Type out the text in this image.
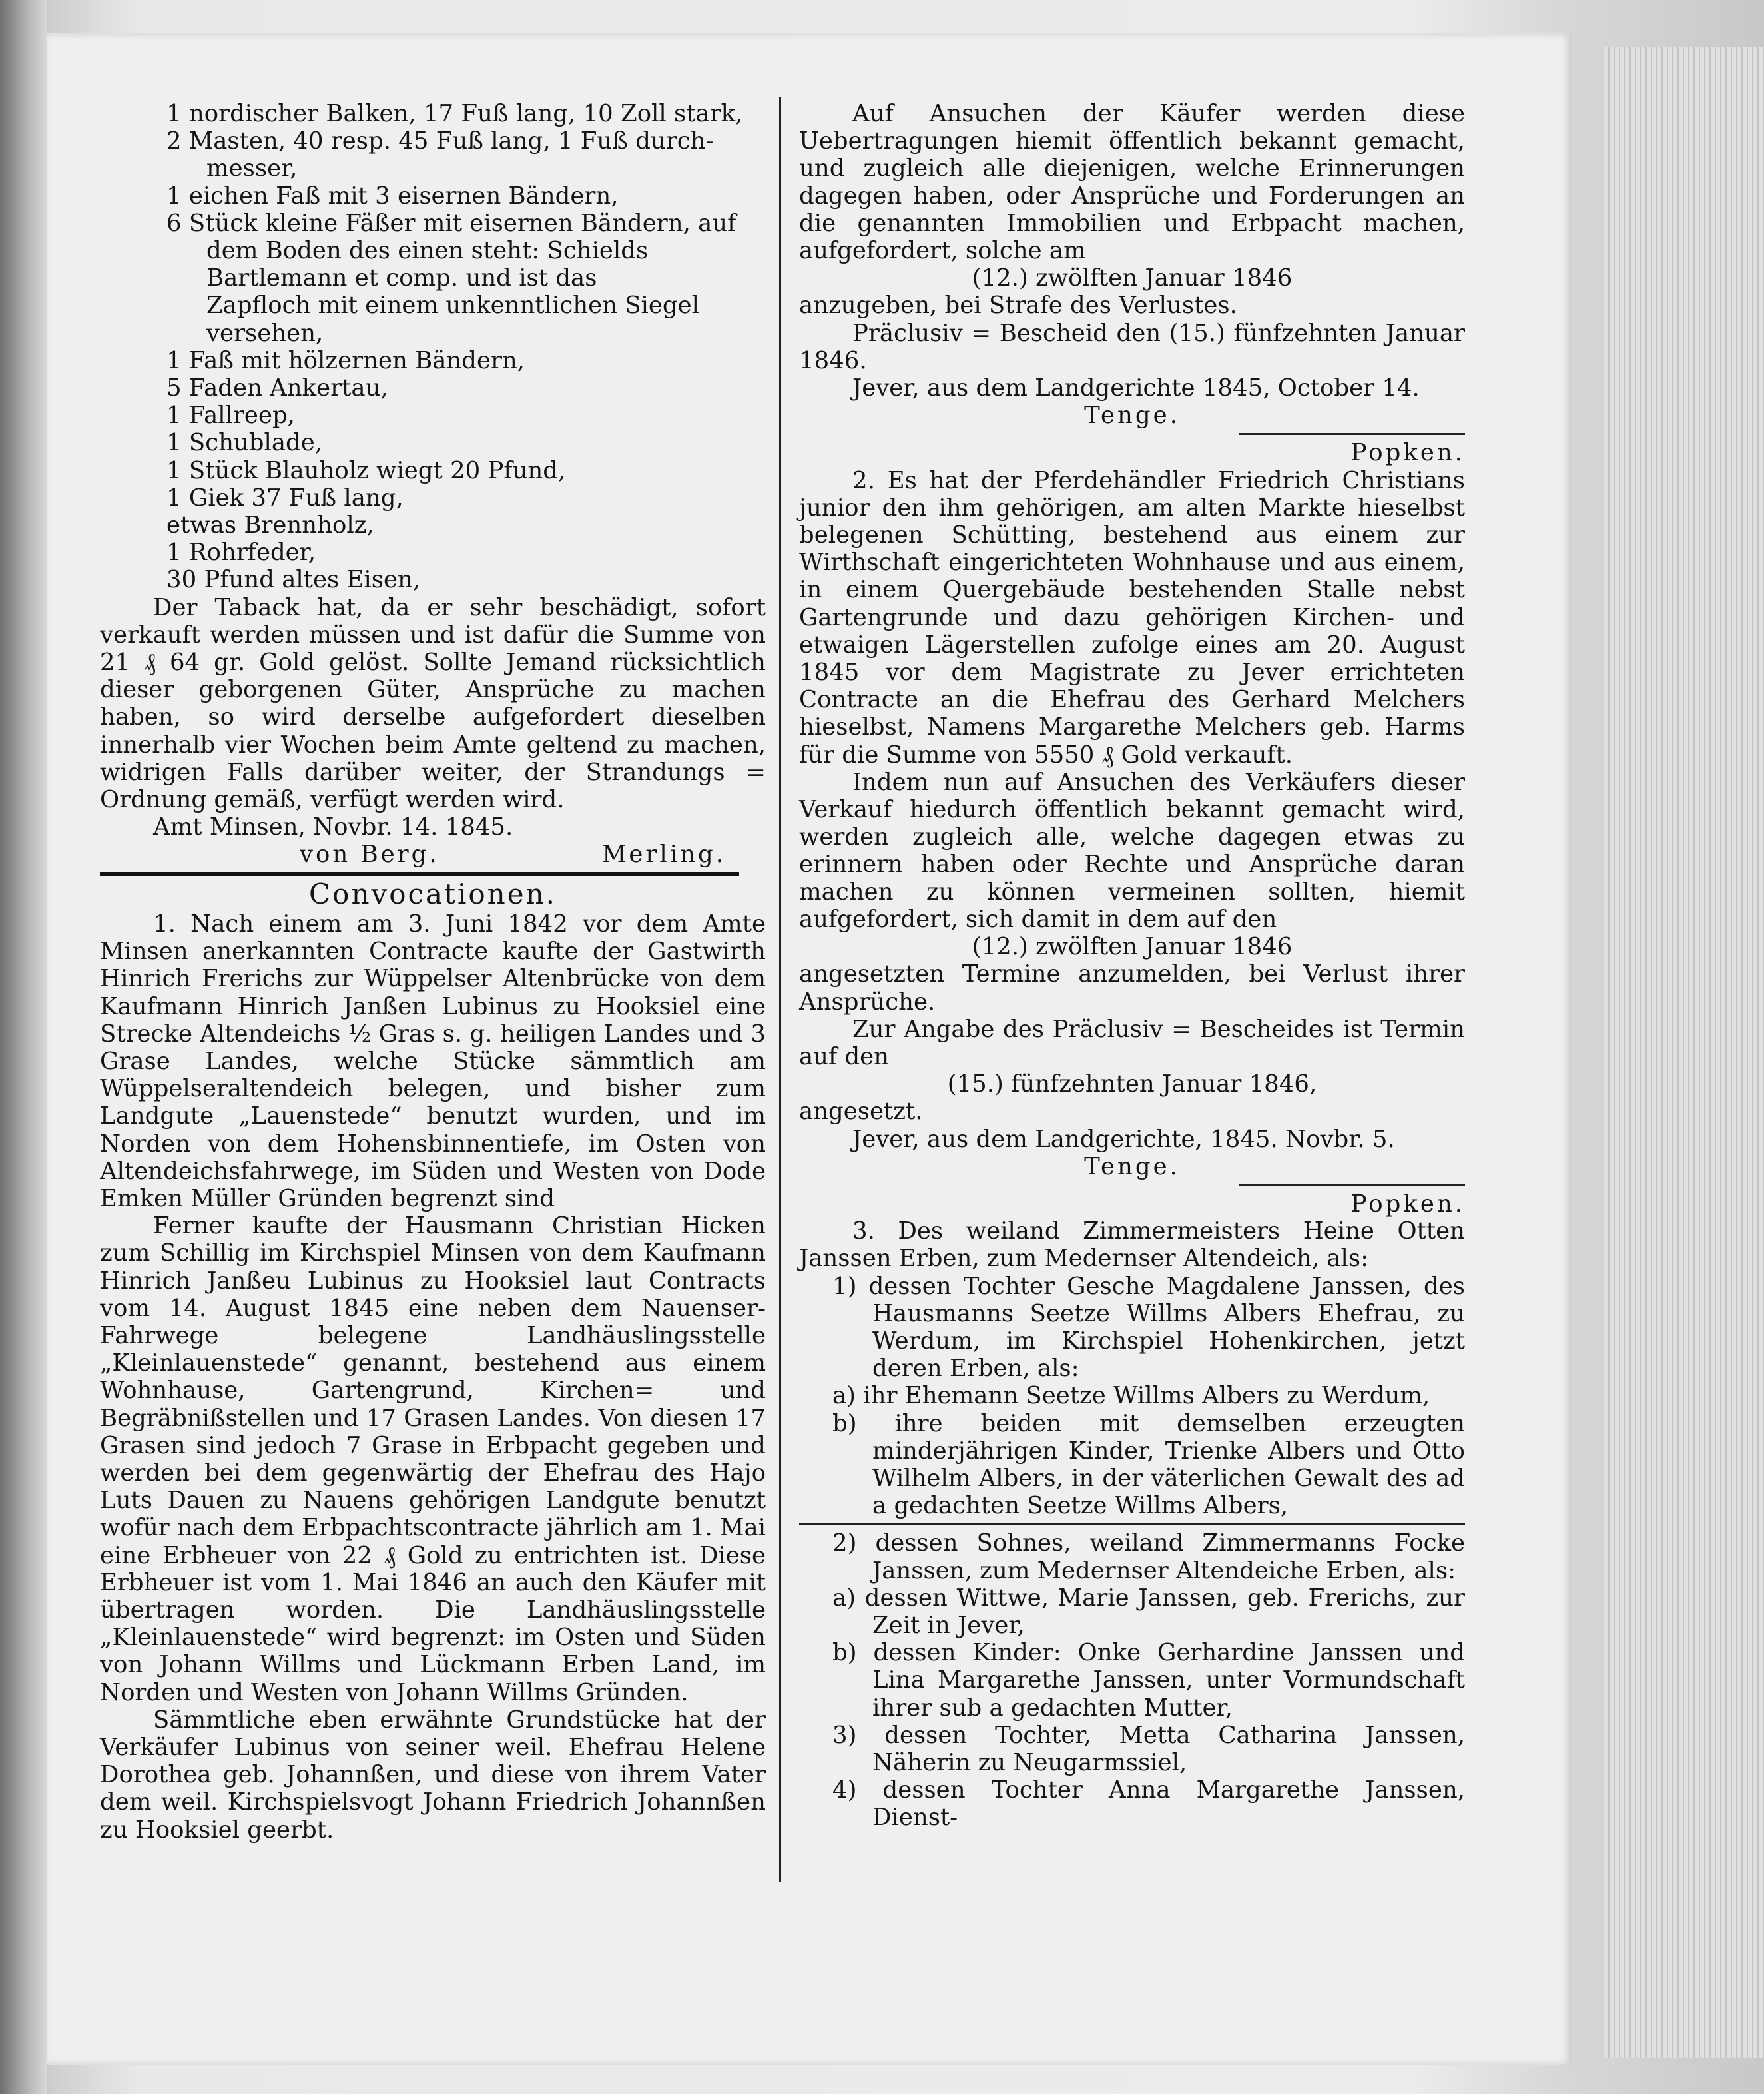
1 nordischer Balken, 17 Fuß lang, 10 Zoll stark,

2 Masten, 40 resp. 45 Fuß lang, 1 Fuß durch-

messer,

1 eichen Faß mit 3 eisernen Bändern,

6 Stück kleine Fäßer mit eisernen Bändern, auf

dem Boden des einen steht: Schields

Bartlemann et comp. und ist das

Zapfloch mit einem unkenntlichen Siegel

versehen,

1 Faß mit hölzernen Bändern,

5 Faden Ankertau,

1 Fallreep,

1 Schublade,

1 Stück Blauholz wiegt 20 Pfund,

1 Giek 37 Fuß lang,

etwas Brennholz,

1 Rohrfeder,

30 Pfund altes Eisen,

Der Taback hat, da er sehr beschädigt, sofort verkauft werden müssen und ist dafür die Summe von 21 ₰ 64 gr. Gold gelöst. Sollte Jemand rücksichtlich dieser geborgenen Güter, Ansprüche zu machen haben, so wird derselbe aufgefordert dieselben innerhalb vier Wochen beim Amte geltend zu machen, widrigen Falls darüber weiter, der Strandungs = Ordnung gemäß, verfügt werden wird.

Amt Minsen, Novbr. 14. 1845.

von Berg.	Merling.
Convocationen.

1. Nach einem am 3. Juni 1842 vor dem Amte Minsen anerkannten Contracte kaufte der Gastwirth Hinrich Frerichs zur Wüppelser Altenbrücke von dem Kaufmann Hinrich Janßen Lubinus zu Hooksiel eine Strecke Altendeichs ½ Gras s. g. heiligen Landes und 3 Grase Landes, welche Stücke sämmtlich am Wüppelseraltendeich belegen, und bisher zum Landgute „Lauenstede“ benutzt wurden, und im Norden von dem Hohensbinnentiefe, im Osten von Altendeichsfahrwege, im Süden und Westen von Dode Emken Müller Gründen begrenzt sind

Ferner kaufte der Hausmann Christian Hicken zum Schillig im Kirchspiel Minsen von dem Kaufmann Hinrich Janßeu Lubinus zu Hooksiel laut Contracts vom 14. August 1845 eine neben dem Nauenser-Fahrwege belegene Landhäuslingsstelle „Kleinlauenstede“ genannt, bestehend aus einem Wohnhause, Gartengrund, Kirchen= und Begräbnißstellen und 17 Grasen Landes. Von diesen 17 Grasen sind jedoch 7 Grase in Erbpacht gegeben und werden bei dem gegenwärtig der Ehefrau des Hajo Luts Dauen zu Nauens gehörigen Landgute benutzt wofür nach dem Erbpachtscontracte jährlich am 1. Mai eine Erbheuer von 22 ₰ Gold zu entrichten ist. Diese Erbheuer ist vom 1. Mai 1846 an auch den Käufer mit übertragen worden. Die Landhäuslingsstelle „Kleinlauenstede“ wird begrenzt: im Osten und Süden von Johann Willms und Lückmann Erben Land, im Norden und Westen von Johann Willms Gründen.

Sämmtliche eben erwähnte Grundstücke hat der Verkäufer Lubinus von seiner weil. Ehefrau Helene Dorothea geb. Johannßen, und diese von ihrem Vater dem weil. Kirchspielsvogt Johann Friedrich Johannßen zu Hooksiel geerbt.

Auf Ansuchen der Käufer werden diese Uebertragungen hiemit öffentlich bekannt gemacht, und zugleich alle diejenigen, welche Erinnerungen dagegen haben, oder Ansprüche und Forderungen an die genannten Immobilien und Erbpacht machen, aufgefordert, solche am

(12.) zwölften Januar 1846

anzugeben, bei Strafe des Verlustes.

Präclusiv = Bescheid den (15.) fünfzehnten Januar 1846.

Jever, aus dem Landgerichte 1845, October 14.

Tenge.

Popken.

2. Es hat der Pferdehändler Friedrich Christians junior den ihm gehörigen, am alten Markte hieselbst belegenen Schütting, bestehend aus einem zur Wirthschaft eingerichteten Wohnhause und aus einem, in einem Quergebäude bestehenden Stalle nebst Gartengrunde und dazu gehörigen Kirchen- und etwaigen Lägerstellen zufolge eines am 20. August 1845 vor dem Magistrate zu Jever errichteten Contracte an die Ehefrau des Gerhard Melchers hieselbst, Namens Margarethe Melchers geb. Harms für die Summe von 5550 ₰ Gold verkauft.

Indem nun auf Ansuchen des Verkäufers dieser Verkauf hiedurch öffentlich bekannt gemacht wird, werden zugleich alle, welche dagegen etwas zu erinnern haben oder Rechte und Ansprüche daran machen zu können vermeinen sollten, hiemit aufgefordert, sich damit in dem auf den

(12.) zwölften Januar 1846

angesetzten Termine anzumelden, bei Verlust ihrer Ansprüche.

Zur Angabe des Präclusiv = Bescheides ist Termin auf den

(15.) fünfzehnten Januar 1846,

angesetzt.

Jever, aus dem Landgerichte, 1845. Novbr. 5.

Tenge.

Popken.

3. Des weiland Zimmermeisters Heine Otten Janssen Erben, zum Medernser Altendeich, als:

1) dessen Tochter Gesche Magdalene Janssen, des Hausmanns Seetze Willms Albers Ehefrau, zu Werdum, im Kirchspiel Hohenkirchen, jetzt deren Erben, als:

a) ihr Ehemann Seetze Willms Albers zu Werdum,

b) ihre beiden mit demselben erzeugten minderjährigen Kinder, Trienke Albers und Otto Wilhelm Albers, in der väterlichen Gewalt des ad a gedachten Seetze Willms Albers,

2) dessen Sohnes, weiland Zimmermanns Focke Janssen, zum Medernser Altendeiche Erben, als:

a) dessen Wittwe, Marie Janssen, geb. Frerichs, zur Zeit in Jever,

b) dessen Kinder: Onke Gerhardine Janssen und Lina Margarethe Janssen, unter Vormundschaft ihrer sub a gedachten Mutter,

3) dessen Tochter, Metta Catharina Janssen, Näherin zu Neugarmssiel,

4) dessen Tochter Anna Margarethe Janssen, Dienst-
